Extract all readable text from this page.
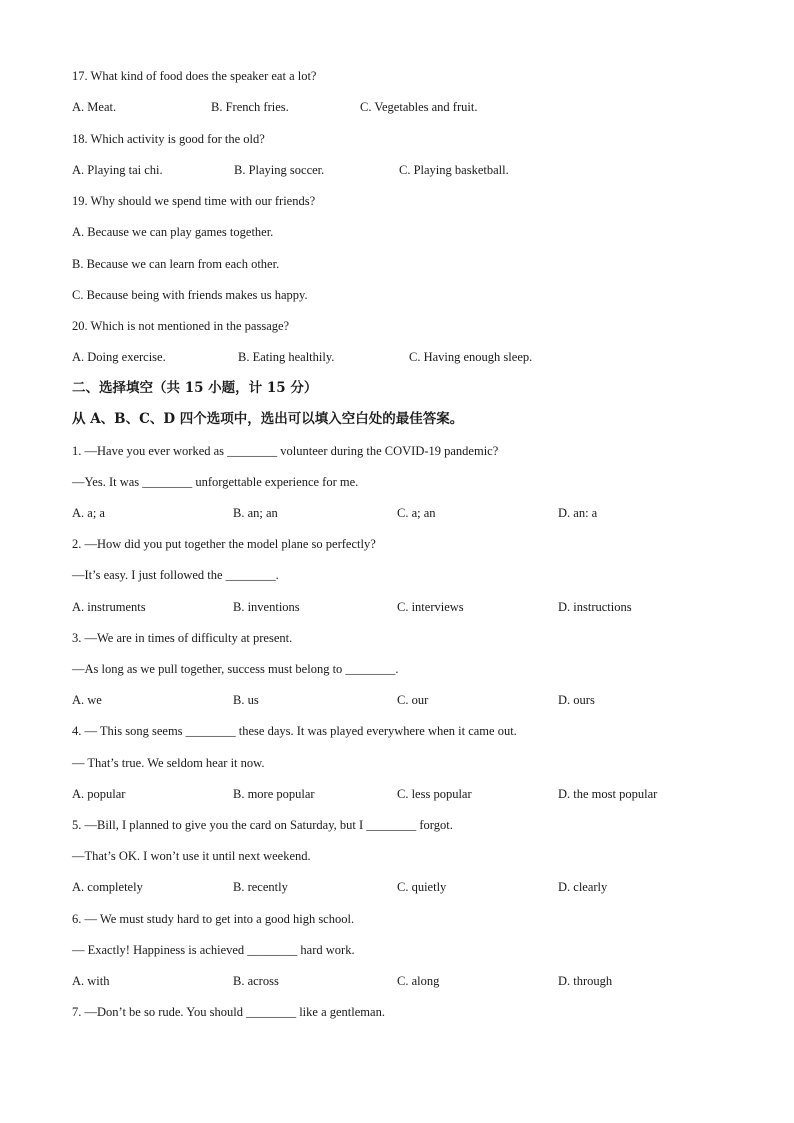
17. What kind of food does the speaker eat a lot?
A. Meat.	B. French fries.	C. Vegetables and fruit.
18. Which activity is good for the old?
A. Playing tai chi.	B. Playing soccer.	C. Playing basketball.
19. Why should we spend time with our friends?
A. Because we can play games together.
B. Because we can learn from each other.
C. Because being with friends makes us happy.
20. Which is not mentioned in the passage?
A. Doing exercise.	B. Eating healthily.	C. Having enough sleep.
二、选择填空（共 15 小题，计 15 分）
从 A、B、C、D 四个选项中，选出可以填入空白处的最佳答案。
1. —Have you ever worked as ________ volunteer during the COVID-19 pandemic?
—Yes. It was ________ unforgettable experience for me.
A. a; a	B. an; an	C. a; an	D. an: a
2. —How did you put together the model plane so perfectly?
—It’s easy. I just followed the ________.
A. instruments	B. inventions	C. interviews	D. instructions
3. —We are in times of difficulty at present.
—As long as we pull together, success must belong to ________.
A. we	B. us	C. our	D. ours
4. — This song seems ________ these days. It was played everywhere when it came out.
— That’s true. We seldom hear it now.
A. popular	B. more popular	C. less popular	D. the most popular
5. —Bill, I planned to give you the card on Saturday, but I ________ forgot.
—That’s OK. I won’t use it until next weekend.
A. completely	B. recently	C. quietly	D. clearly
6. — We must study hard to get into a good high school.
— Exactly! Happiness is achieved ________ hard work.
A. with	B. across	C. along	D. through
7. —Don’t be so rude. You should ________ like a gentleman.
